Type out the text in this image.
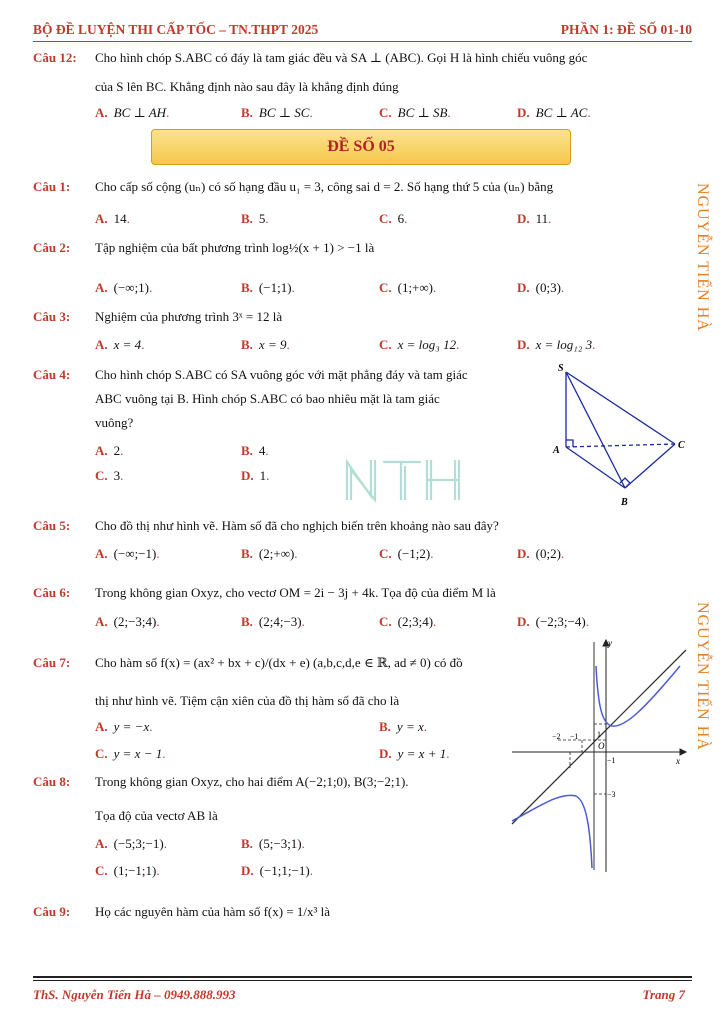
BỘ ĐỀ LUYỆN THI CẤP TỐC – TN.THPT 2025	PHẦN 1: ĐỀ SỐ 01-10
Câu 12: Cho hình chóp S.ABC có đáy là tam giác đều và SA ⊥ (ABC). Gọi H là hình chiếu vuông góc
của S lên BC. Khẳng định nào sau đây là khẳng định đúng
A. BC ⊥ AH.	B. BC ⊥ SC.	C. BC ⊥ SB.	D. BC ⊥ AC.
ĐỀ SỐ 05
Câu 1: Cho cấp số cộng (uₙ) có số hạng đầu u₁ = 3, công sai d = 2. Số hạng thứ 5 của (uₙ) bằng
A. 14.	B. 5.	C. 6.	D. 11.
Câu 2: Tập nghiệm của bất phương trình log½(x + 1) > −1 là
A. (−∞;1).	B. (−1;1).	C. (1;+∞).	D. (0;3).
Câu 3: Nghiệm của phương trình 3ˣ = 12 là
A. x = 4.	B. x = 9.	C. x = log₃ 12.	D. x = log₁₂ 3.
Câu 4: Cho hình chóp S.ABC có SA vuông góc với mặt phẳng đáy và tam giác
ABC vuông tại B. Hình chóp S.ABC có bao nhiêu mặt là tam giác
vuông?
A. 2.	B. 4.
C. 3.	D. 1.
S
A
B
C
NTH
Câu 5: Cho đồ thị như hình vẽ. Hàm số đã cho nghịch biến trên khoảng nào sau đây?
A. (−∞;−1).	B. (2;+∞).	C. (−1;2).	D. (0;2).
Câu 6: Trong không gian Oxyz, cho vectơ OM = 2i − 3j + 4k. Tọa độ của điểm M là
A. (2;−3;4).	B. (2;4;−3).	C. (2;3;4).	D. (−2;3;−4).
Câu 7: Cho hàm số f(x) = (ax² + bx + c)/(dx + e) (a,b,c,d,e ∈ ℝ, ad ≠ 0) có đồ
thị như hình vẽ. Tiệm cận xiên của đồ thị hàm số đã cho là
A. y = −x.	B. y = x.
C. y = x − 1.	D. y = x + 1.
Câu 8: Trong không gian Oxyz, cho hai điểm A(−2;1;0), B(3;−2;1).
Tọa độ của vectơ AB là
A. (−5;3;−1).	B. (5;−3;1).
C. (1;−1;1).	D. (−1;1;−1).
y
x
O
1
−2 −1
−1
−3
Câu 9: Họ các nguyên hàm của hàm số f(x) = 1/x³ là
NGUYỄN TIẾN HÀ
NGUYỄN TIẾN HÀ
ThS. Nguyễn Tiến Hà – 0949.888.993	Trang 7
